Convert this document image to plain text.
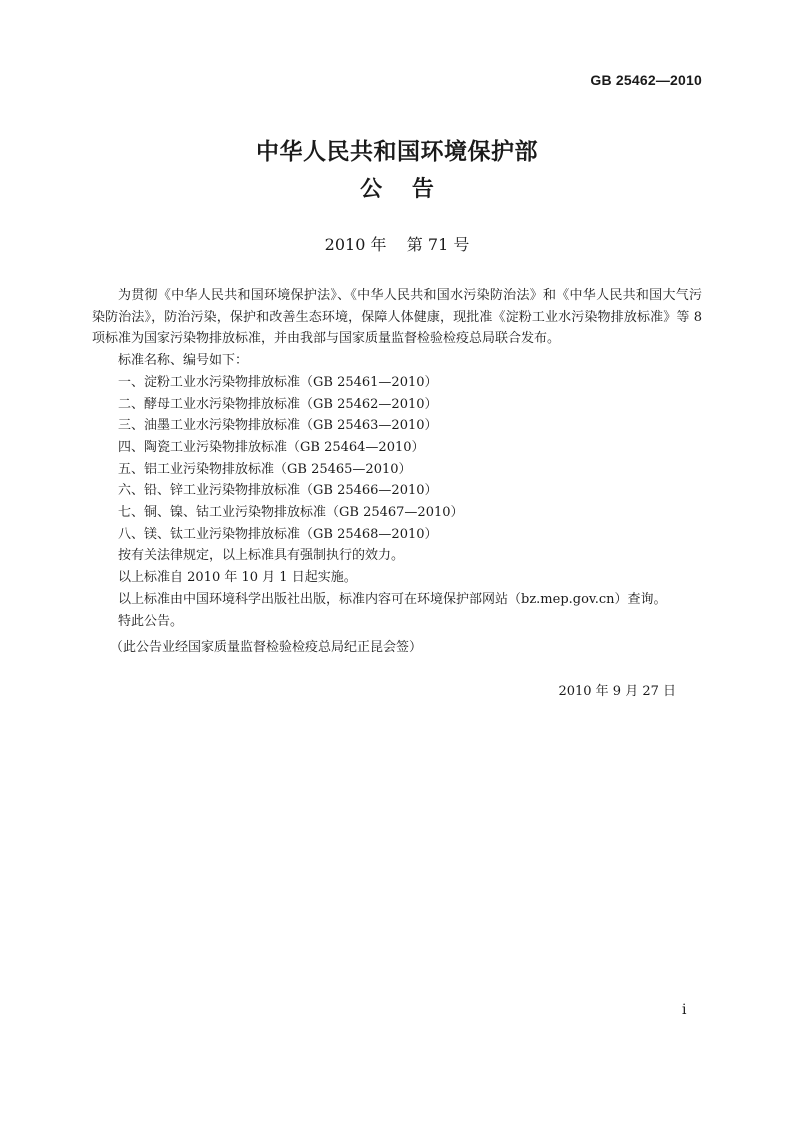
GB 25462—2010
中华人民共和国环境保护部
公 告
2010 年    第 71 号

为贯彻《中华人民共和国环境保护法》、《中华人民共和国水污染防治法》和《中华人民共和国大气污染防治法》，防治污染，保护和改善生态环境，保障人体健康，现批准《淀粉工业水污染物排放标准》等 8 项标准为国家污染物排放标准，并由我部与国家质量监督检验检疫总局联合发布。

标准名称、编号如下：

一、淀粉工业水污染物排放标准（GB 25461—2010）

二、酵母工业水污染物排放标准（GB 25462—2010）

三、油墨工业水污染物排放标准（GB 25463—2010）

四、陶瓷工业污染物排放标准（GB 25464—2010）

五、铝工业污染物排放标准（GB 25465—2010）

六、铅、锌工业污染物排放标准（GB 25466—2010）

七、铜、镍、钴工业污染物排放标准（GB 25467—2010）

八、镁、钛工业污染物排放标准（GB 25468—2010）

按有关法律规定，以上标准具有强制执行的效力。

以上标准自 2010 年 10 月 1 日起实施。

以上标准由中国环境科学出版社出版，标准内容可在环境保护部网站（bz.mep.gov.cn）查询。

特此公告。

（此公告业经国家质量监督检验检疫总局纪正昆会签）
2010 年 9 月 27 日
i
